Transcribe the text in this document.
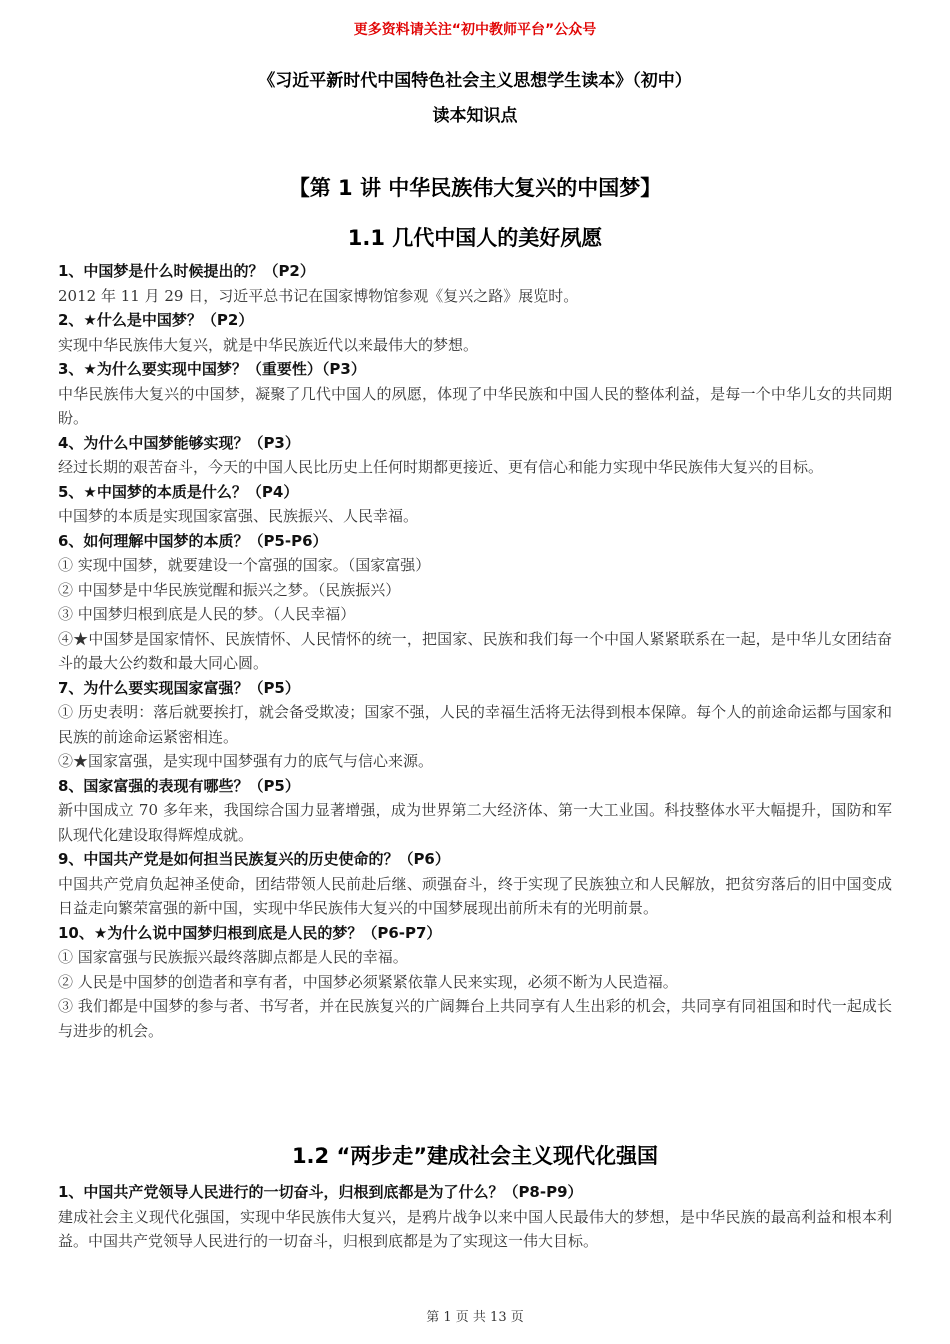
更多资料请关注“初中教师平台”公众号
《习近平新时代中国特色社会主义思想学生读本》（初中）
读本知识点
【第 1 讲 中华民族伟大复兴的中国梦】
1.1 几代中国人的美好夙愿
1、中国梦是什么时候提出的？（P2）
2012 年 11 月 29 日，习近平总书记在国家博物馆参观《复兴之路》展览时。
2、★什么是中国梦？（P2）
实现中华民族伟大复兴，就是中华民族近代以来最伟大的梦想。
3、★为什么要实现中国梦？（重要性）（P3）
中华民族伟大复兴的中国梦，凝聚了几代中国人的夙愿，体现了中华民族和中国人民的整体利益，是每一个中华儿女的共同期盼。
4、为什么中国梦能够实现？（P3）
经过长期的艰苦奋斗，今天的中国人民比历史上任何时期都更接近、更有信心和能力实现中华民族伟大复兴的目标。
5、★中国梦的本质是什么？（P4）
中国梦的本质是实现国家富强、民族振兴、人民幸福。
6、如何理解中国梦的本质？（P5-P6）
① 实现中国梦，就要建设一个富强的国家。（国家富强）
② 中国梦是中华民族觉醒和振兴之梦。（民族振兴）
③ 中国梦归根到底是人民的梦。（人民幸福）
④★中国梦是国家情怀、民族情怀、人民情怀的统一，把国家、民族和我们每一个中国人紧紧联系在一起，是中华儿女团结奋斗的最大公约数和最大同心圆。
7、为什么要实现国家富强？（P5）
① 历史表明：落后就要挨打，就会备受欺凌；国家不强，人民的幸福生活将无法得到根本保障。每个人的前途命运都与国家和民族的前途命运紧密相连。
②★国家富强，是实现中国梦强有力的底气与信心来源。
8、国家富强的表现有哪些？（P5）
新中国成立 70 多年来，我国综合国力显著增强，成为世界第二大经济体、第一大工业国。科技整体水平大幅提升，国防和军队现代化建设取得辉煌成就。
9、中国共产党是如何担当民族复兴的历史使命的？（P6）
中国共产党肩负起神圣使命，团结带领人民前赴后继、顽强奋斗，终于实现了民族独立和人民解放，把贫穷落后的旧中国变成日益走向繁荣富强的新中国，实现中华民族伟大复兴的中国梦展现出前所未有的光明前景。
10、★为什么说中国梦归根到底是人民的梦？（P6-P7）
① 国家富强与民族振兴最终落脚点都是人民的幸福。
② 人民是中国梦的创造者和享有者，中国梦必须紧紧依靠人民来实现，必须不断为人民造福。
③ 我们都是中国梦的参与者、书写者，并在民族复兴的广阔舞台上共同享有人生出彩的机会，共同享有同祖国和时代一起成长与进步的机会。
1.2 “两步走”建成社会主义现代化强国
1、中国共产党领导人民进行的一切奋斗，归根到底都是为了什么？（P8-P9）
建成社会主义现代化强国，实现中华民族伟大复兴，是鸦片战争以来中国人民最伟大的梦想，是中华民族的最高利益和根本利益。中国共产党领导人民进行的一切奋斗，归根到底都是为了实现这一伟大目标。
第 1 页 共 13 页
